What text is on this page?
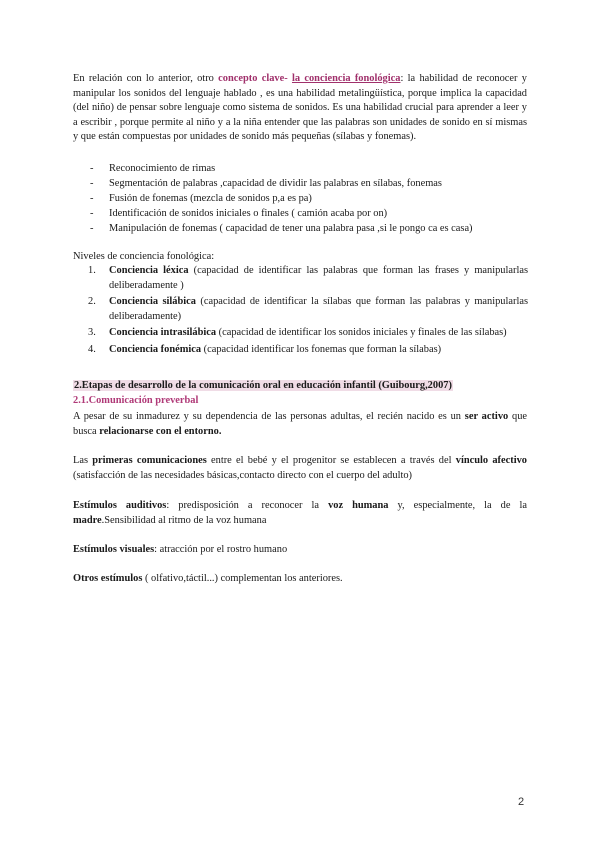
En relación con lo anterior, otro concepto clave- la conciencia fonológica: la habilidad de reconocer y manipular los sonidos del lenguaje hablado , es una habilidad metalingüística, porque implica la capacidad (del niño) de pensar sobre lenguaje como sistema de sonidos. Es una habilidad crucial para aprender a leer y a escribir , porque permite al niño y a la niña entender que las palabras son unidades de sonido en sí mismas y que están compuestas por unidades de sonido más pequeñas (sílabas y fonemas).
- Reconocimiento de rimas
- Segmentación de palabras ,capacidad de dividir las palabras en sílabas, fonemas
- Fusión de fonemas (mezcla de sonidos p,a es pa)
- Identificación de sonidos iniciales o finales ( camión acaba por on)
- Manipulación de fonemas ( capacidad de tener una palabra pasa ,si le pongo ca es casa)
Niveles de conciencia fonológica:
1. Conciencia léxica (capacidad de identificar las palabras que forman las frases y manipularlas deliberadamente )
2. Conciencia silábica (capacidad de identificar la sílabas que forman las palabras y manipularlas deliberadamente)
3. Conciencia intrasilábica (capacidad de identificar los sonidos iniciales y finales de las sílabas)
4. Conciencia fonémica (capacidad identificar los fonemas que forman la sílabas)
2.Etapas de desarrollo de la comunicación oral en educación infantil (Guibourg,2007)
2.1.Comunicación preverbal
A pesar de su inmadurez y su dependencia de las personas adultas, el recién nacido es un ser activo que busca relacionarse con el entorno.
Las primeras comunicaciones entre el bebé y el progenitor se establecen a través del vínculo afectivo (satisfacción de las necesidades básicas,contacto directo con el cuerpo del adulto)
Estímulos auditivos: predisposición a reconocer la voz humana y, especialmente, la de la madre.Sensibilidad al ritmo de la voz humana
Estímulos visuales: atracción por el rostro humano
Otros estímulos ( olfativo,táctil...) complementan los anteriores.
2
